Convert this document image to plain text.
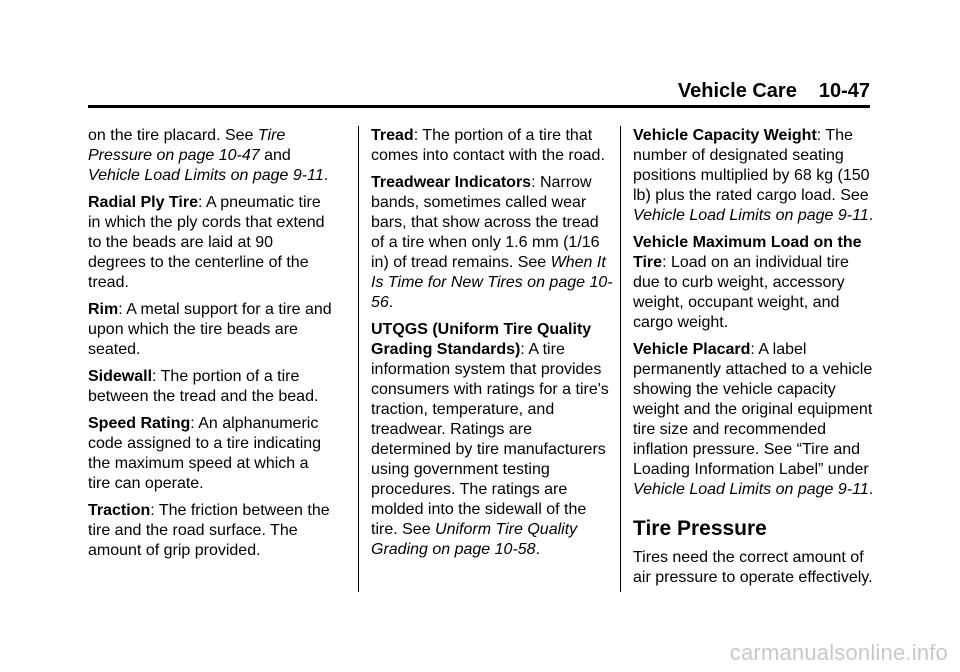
Vehicle Care 10-47

on the tire placard. See Tire Pressure on page 10-47 and Vehicle Load Limits on page 9-11.

Radial Ply Tire: A pneumatic tire in which the ply cords that extend to the beads are laid at 90 degrees to the centerline of the tread.

Rim: A metal support for a tire and upon which the tire beads are seated.

Sidewall: The portion of a tire between the tread and the bead.

Speed Rating: An alphanumeric code assigned to a tire indicating the maximum speed at which a tire can operate.

Traction: The friction between the tire and the road surface. The amount of grip provided.

Tread: The portion of a tire that comes into contact with the road.

Treadwear Indicators: Narrow bands, sometimes called wear bars, that show across the tread of a tire when only 1.6 mm (1/16 in) of tread remains. See When It Is Time for New Tires on page 10-56.

UTQGS (Uniform Tire Quality Grading Standards): A tire information system that provides consumers with ratings for a tire's traction, temperature, and treadwear. Ratings are determined by tire manufacturers using government testing procedures. The ratings are molded into the sidewall of the tire. See Uniform Tire Quality Grading on page 10-58.

Vehicle Capacity Weight: The number of designated seating positions multiplied by 68 kg (150 lb) plus the rated cargo load. See Vehicle Load Limits on page 9-11.

Vehicle Maximum Load on the Tire: Load on an individual tire due to curb weight, accessory weight, occupant weight, and cargo weight.

Vehicle Placard: A label permanently attached to a vehicle showing the vehicle capacity weight and the original equipment tire size and recommended inflation pressure. See “Tire and Loading Information Label” under Vehicle Load Limits on page 9-11.

Tire Pressure

Tires need the correct amount of air pressure to operate effectively.

carmanualsonline.info
